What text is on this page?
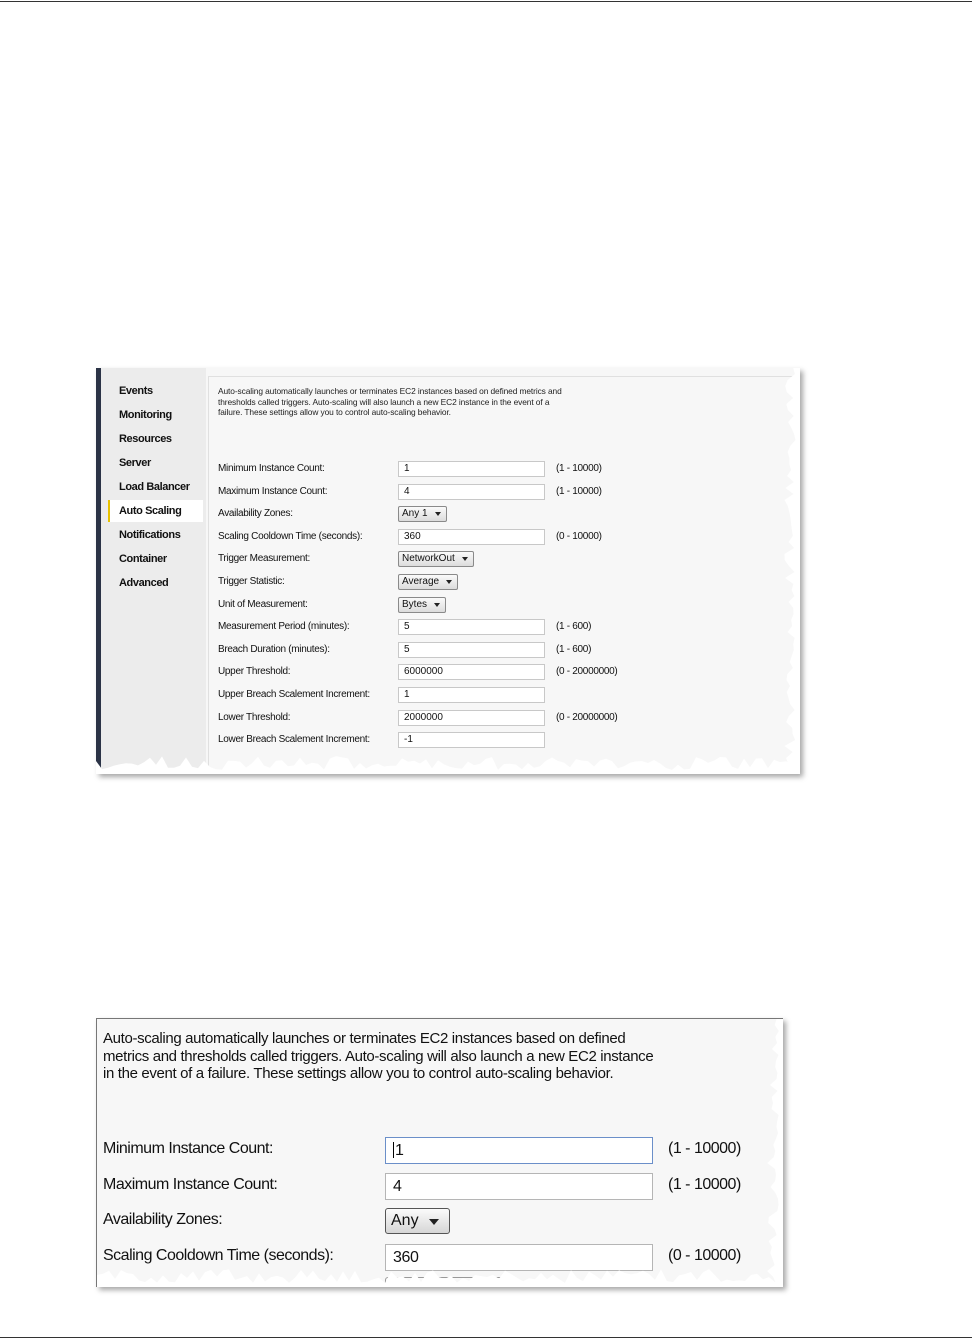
Events
Monitoring
Resources
Server
Load Balancer
Auto Scaling
Notifications
Container
Advanced
Auto-scaling automatically launches or terminates EC2 instances based on defined metrics and thresholds called triggers. Auto-scaling will also launch a new EC2 instance in the event of a failure. These settings allow you to control auto-scaling behavior.
Minimum Instance Count:	1	(1 - 10000)
Maximum Instance Count:	4	(1 - 10000)
Availability Zones:	Any 1
Scaling Cooldown Time (seconds):	360	(0 - 10000)
Trigger Measurement:	NetworkOut
Trigger Statistic:	Average
Unit of Measurement:	Bytes
Measurement Period (minutes):	5	(1 - 600)
Breach Duration (minutes):	5	(1 - 600)
Upper Threshold:	6000000	(0 - 20000000)
Upper Breach Scalement Increment:	1
Lower Threshold:	2000000	(0 - 20000000)
Lower Breach Scalement Increment:	-1
Auto-scaling automatically launches or terminates EC2 instances based on defined metrics and thresholds called triggers. Auto-scaling will also launch a new EC2 instance in the event of a failure. These settings allow you to control auto-scaling behavior.
Minimum Instance Count:	1	(1 - 10000)
Maximum Instance Count:	4	(1 - 10000)
Availability Zones:	Any
Scaling Cooldown Time (seconds):	360	(0 - 10000)
